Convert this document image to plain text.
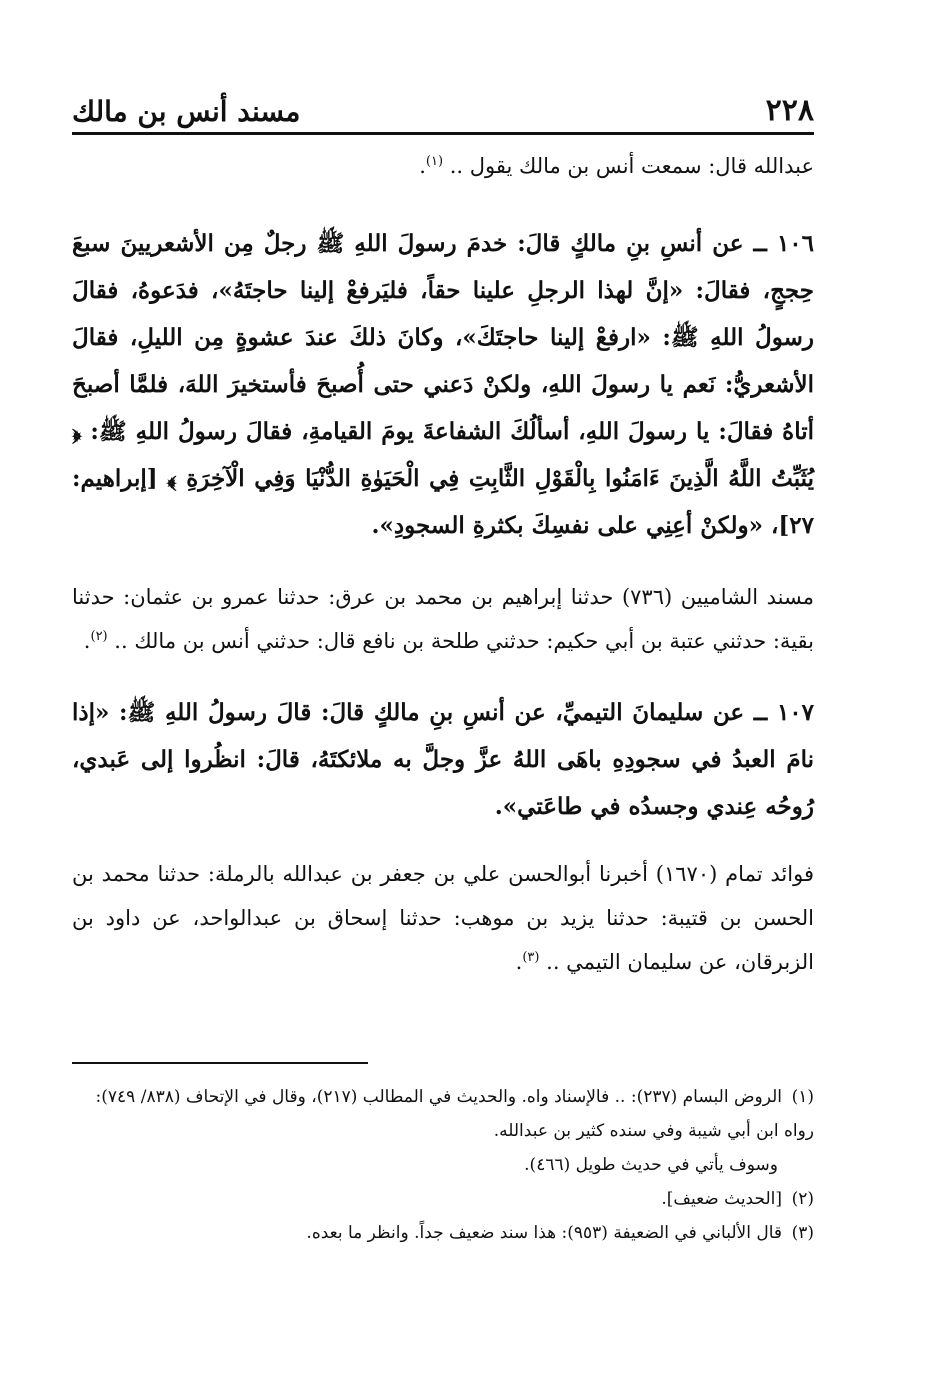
٢٢٨
مسند أنس بن مالك

عبدالله قال: سمعت أنس بن مالك يقول .. $^{(١)}$.

١٠٦ ــ عن أنسِ بنِ مالكٍ قالَ: خدمَ رسولَ اللهِ ﷺ رجلٌ مِن الأشعريينَ سبعَ حِججٍ، فقالَ: «إنَّ لهذا الرجلِ علينا حقاً، فليَرفعْ إلينا حاجتَهُ»، فدَعوهُ، فقالَ رسولُ اللهِ ﷺ: «ارفعْ إلينا حاجتَكَ»، وكانَ ذلكَ عندَ عشوةٍ مِن الليلِ، فقالَ الأشعريُّ: نَعم يا رسولَ اللهِ، ولكنْ دَعني حتى أُصبحَ فأستخيرَ اللهَ، فلمَّا أصبحَ أتاهُ فقالَ: يا رسولَ اللهِ، أسألُكَ الشفاعةَ يومَ القيامةِ، فقالَ رسولُ اللهِ ﷺ: ﴿ يُثَبِّتُ اللَّهُ الَّذِينَ ءَامَنُوا بِالْقَوْلِ الثَّابِتِ فِي الْحَيَوٰةِ الدُّنْيَا وَفِي الْآخِرَةِ ﴾ [إبراهيم: ٢٧]، «ولكنْ أعِنِي على نفسِكَ بكثرةِ السجودِ».

مسند الشاميين (٧٣٦) حدثنا إبراهيم بن محمد بن عرق: حدثنا عمرو بن عثمان: حدثنا بقية: حدثني عتبة بن أبي حكيم: حدثني طلحة بن نافع قال: حدثني أنس بن مالك .. $^{(٢)}$.

١٠٧ ــ عن سليمانَ التيميِّ، عن أنسِ بنِ مالكٍ قالَ: قالَ رسولُ اللهِ ﷺ: «إذا نامَ العبدُ في سجودِهِ باهَى اللهُ عزَّ وجلَّ به ملائكتَهُ، قالَ: انظُروا إلى عَبدي، رُوحُه عِندي وجسدُه في طاعَتي».

فوائد تمام (١٦٧٠) أخبرنا أبوالحسن علي بن جعفر بن عبدالله بالرملة: حدثنا محمد بن الحسن بن قتيبة: حدثنا يزيد بن موهب: حدثنا إسحاق بن عبدالواحد، عن داود بن الزبرقان، عن سليمان التيمي .. $^{(٣)}$.

(١)الروض البسام (٢٣٧): .. فالإسناد واه. والحديث في المطالب (٢١٧)، وقال في الإتحاف (٨٣٨/ ٧٤٩): رواه ابن أبي شيبة وفي سنده كثير بن عبدالله.

وسوف يأتي في حديث طويل (٤٦٦).

(٢)[الحديث ضعيف].

(٣)قال الألباني في الضعيفة (٩٥٣): هذا سند ضعيف جداً. وانظر ما بعده.
